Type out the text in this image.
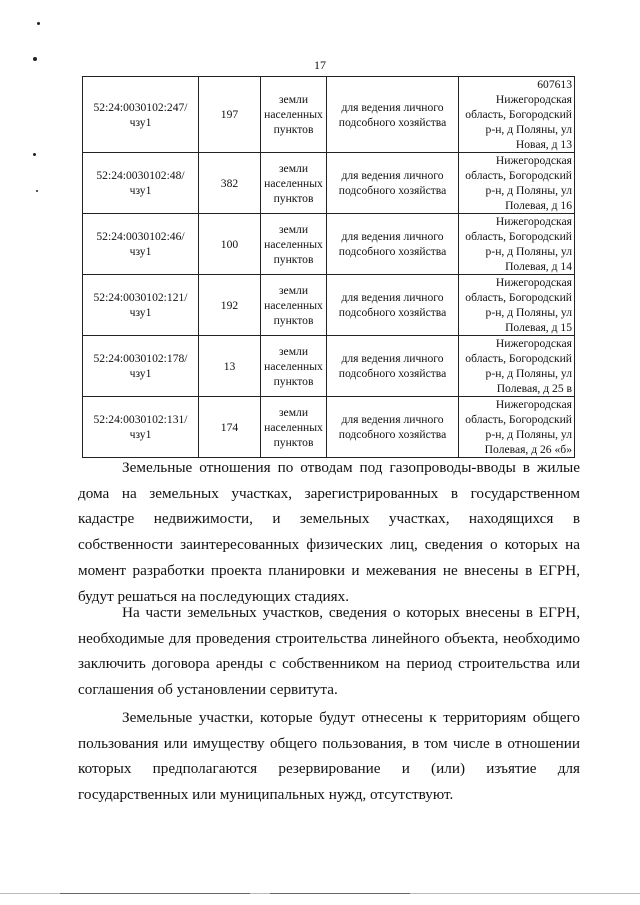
17
52:24:0030102:247/ чзу1	197	земли населенных пунктов	для ведения личного подсобного хозяйства	607613 Нижегородская область, Богородский р-н, д Поляны, ул Новая, д 13
52:24:0030102:48/ чзу1	382	земли населенных пунктов	для ведения личного подсобного хозяйства	Нижегородская область, Богородский р-н, д Поляны, ул Полевая, д 16
52:24:0030102:46/ чзу1	100	земли населенных пунктов	для ведения личного подсобного хозяйства	Нижегородская область, Богородский р-н, д Поляны, ул Полевая, д 14
52:24:0030102:121/ чзу1	192	земли населенных пунктов	для ведения личного подсобного хозяйства	Нижегородская область, Богородский р-н, д Поляны, ул Полевая, д 15
52:24:0030102:178/ чзу1	13	земли населенных пунктов	для ведения личного подсобного хозяйства	Нижегородская область, Богородский р-н, д Поляны, ул Полевая, д 25 в
52:24:0030102:131/ чзу1	174	земли населенных пунктов	для ведения личного подсобного хозяйства	Нижегородская область, Богородский р-н, д Поляны, ул Полевая, д 26 «б»

Земельные отношения по отводам под газопроводы-вводы в жилые дома на земельных участках, зарегистрированных в государственном кадастре недвижимости, и земельных участках, находящихся в собственности заинтересованных физических лиц, сведения о которых на момент разработки проекта планировки и межевания не внесены в ЕГРН, будут решаться на последующих стадиях.

На части земельных участков, сведения о которых внесены в ЕГРН, необходимые для проведения строительства линейного объекта, необходимо заключить договора аренды с собственником на период строительства или соглашения об установлении сервитута.

Земельные участки, которые будут отнесены к территориям общего пользования или имуществу общего пользования, в том числе в отношении которых предполагаются резервирование и (или) изъятие для государственных или муниципальных нужд, отсутствуют.
